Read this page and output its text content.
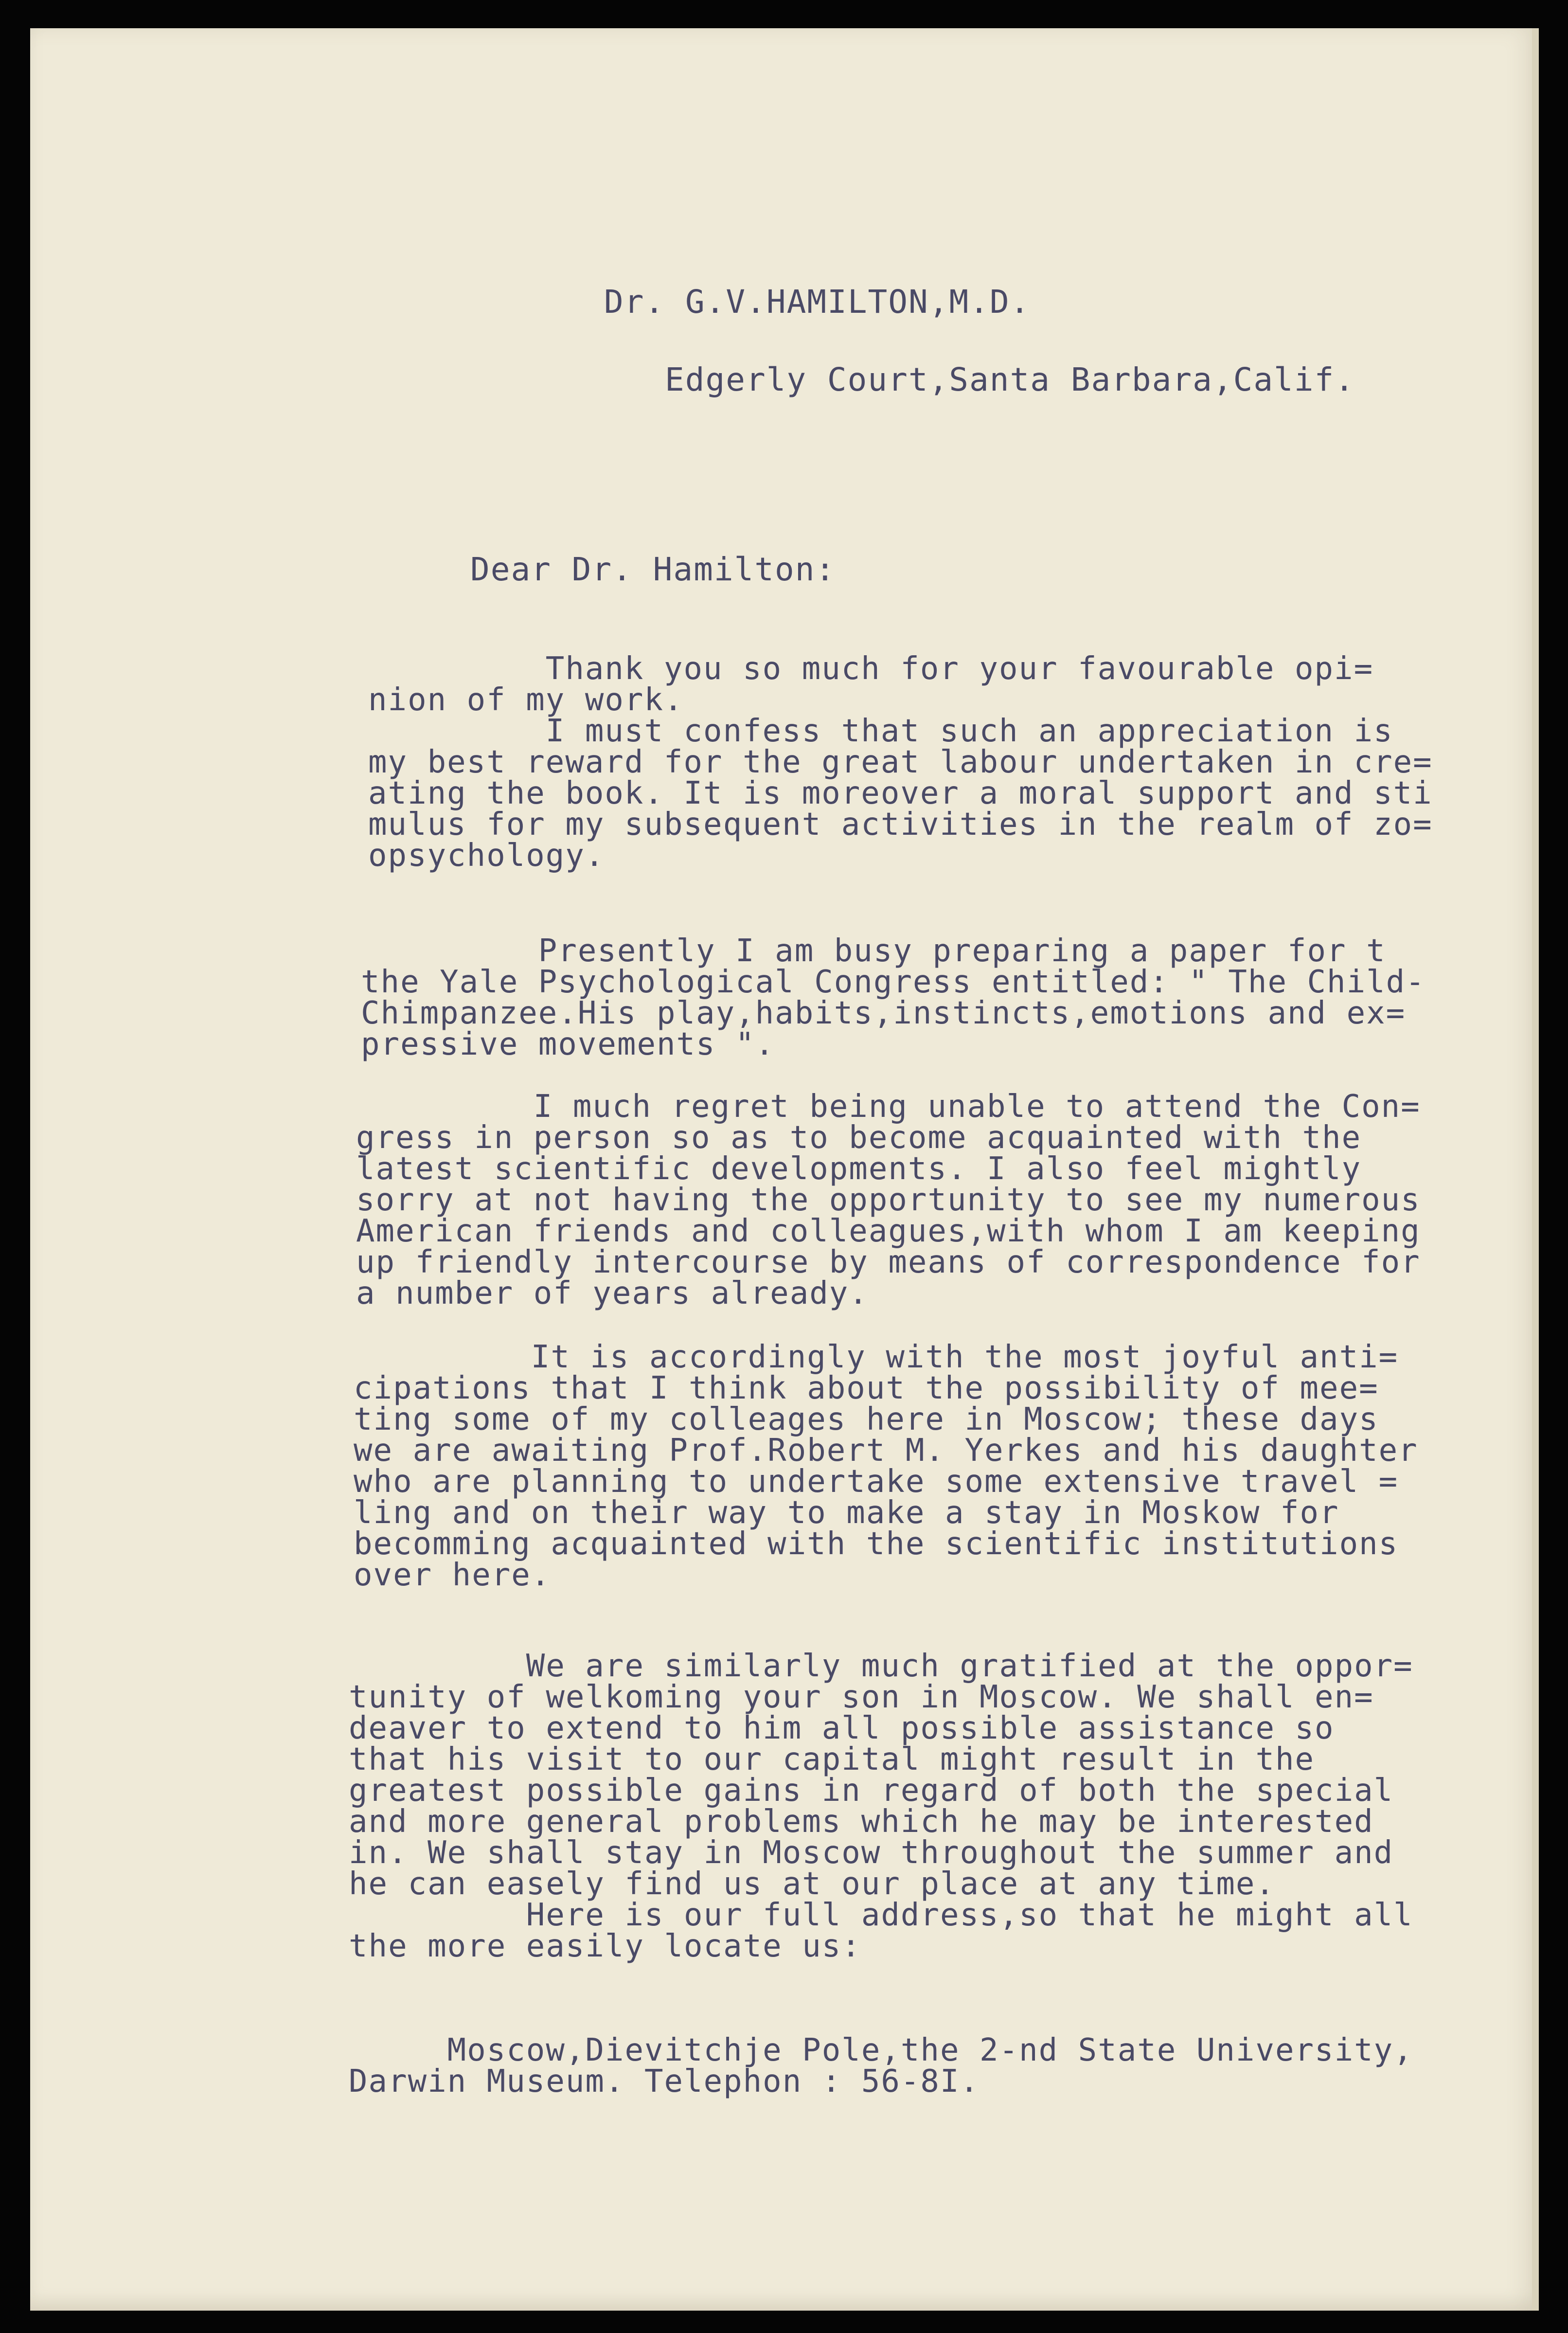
Dr. G.V.HAMILTON,M.D.
Edgerly Court,Santa Barbara,Calif.
Dear Dr. Hamilton:
Thank you so much for your favourable opi=
nion of my work.
I must confess that such an appreciation is
my best reward for the great labour undertaken in cre=
ating the book. It is moreover a moral support and sti
mulus for my subsequent activities in the realm of zo=
opsychology.
Presently I am busy preparing a paper for t
the Yale Psychological Congress entitled: " The Child-
Chimpanzee.His play,habits,instincts,emotions and ex=
pressive movements ".
I much regret being unable to attend the Con=
gress in person so as to become acquainted with the
latest scientific developments. I also feel mightly
sorry at not having the opportunity to see my numerous
American friends and colleagues,with whom I am keeping
up friendly intercourse by means of correspondence for
a number of years already.
It is accordingly with the most joyful anti=
cipations that I think about the possibility of mee=
ting some of my colleages here in Moscow; these days
we are awaiting Prof.Robert M. Yerkes and his daughter
who are planning to undertake some extensive travel =
ling and on their way to make a stay in Moskow for
becomming acquainted with the scientific institutions
over here.
We are similarly much gratified at the oppor=
tunity of welkoming your son in Moscow. We shall en=
deaver to extend to him all possible assistance so
that his visit to our capital might result in the
greatest possible gains in regard of both the special
and more general problems which he may be interested
in. We shall stay in Moscow throughout the summer and
he can easely find us at our place at any time.
Here is our full address,so that he might all
the more easily locate us:
Moscow,Dievitchje Pole,the 2-nd State University,
Darwin Museum. Telephon : 56-8I.
